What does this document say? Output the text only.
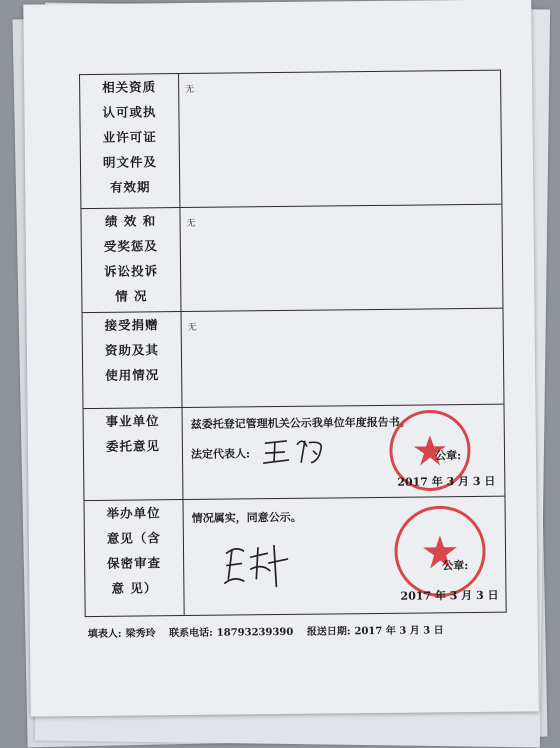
相关资质
认可或执
业许可证
明文件及
有效期	无

绩 效 和
受奖惩及
诉讼投诉
情 况	无

接受捐赠
资助及其
使用情况	无

事业单位
委托意见	兹委托登记管理机关公示我单位年度报告书。
法定代表人: 公章:
2017 年 3 月 3 日

举办单位
意见（含
保密审查
意 见）	情况属实，同意公示。
公章:
2017 年 3 月 3 日
填表人: 梁秀玲 联系电话: 18793239390 报送日期: 2017 年 3 月 3 日
